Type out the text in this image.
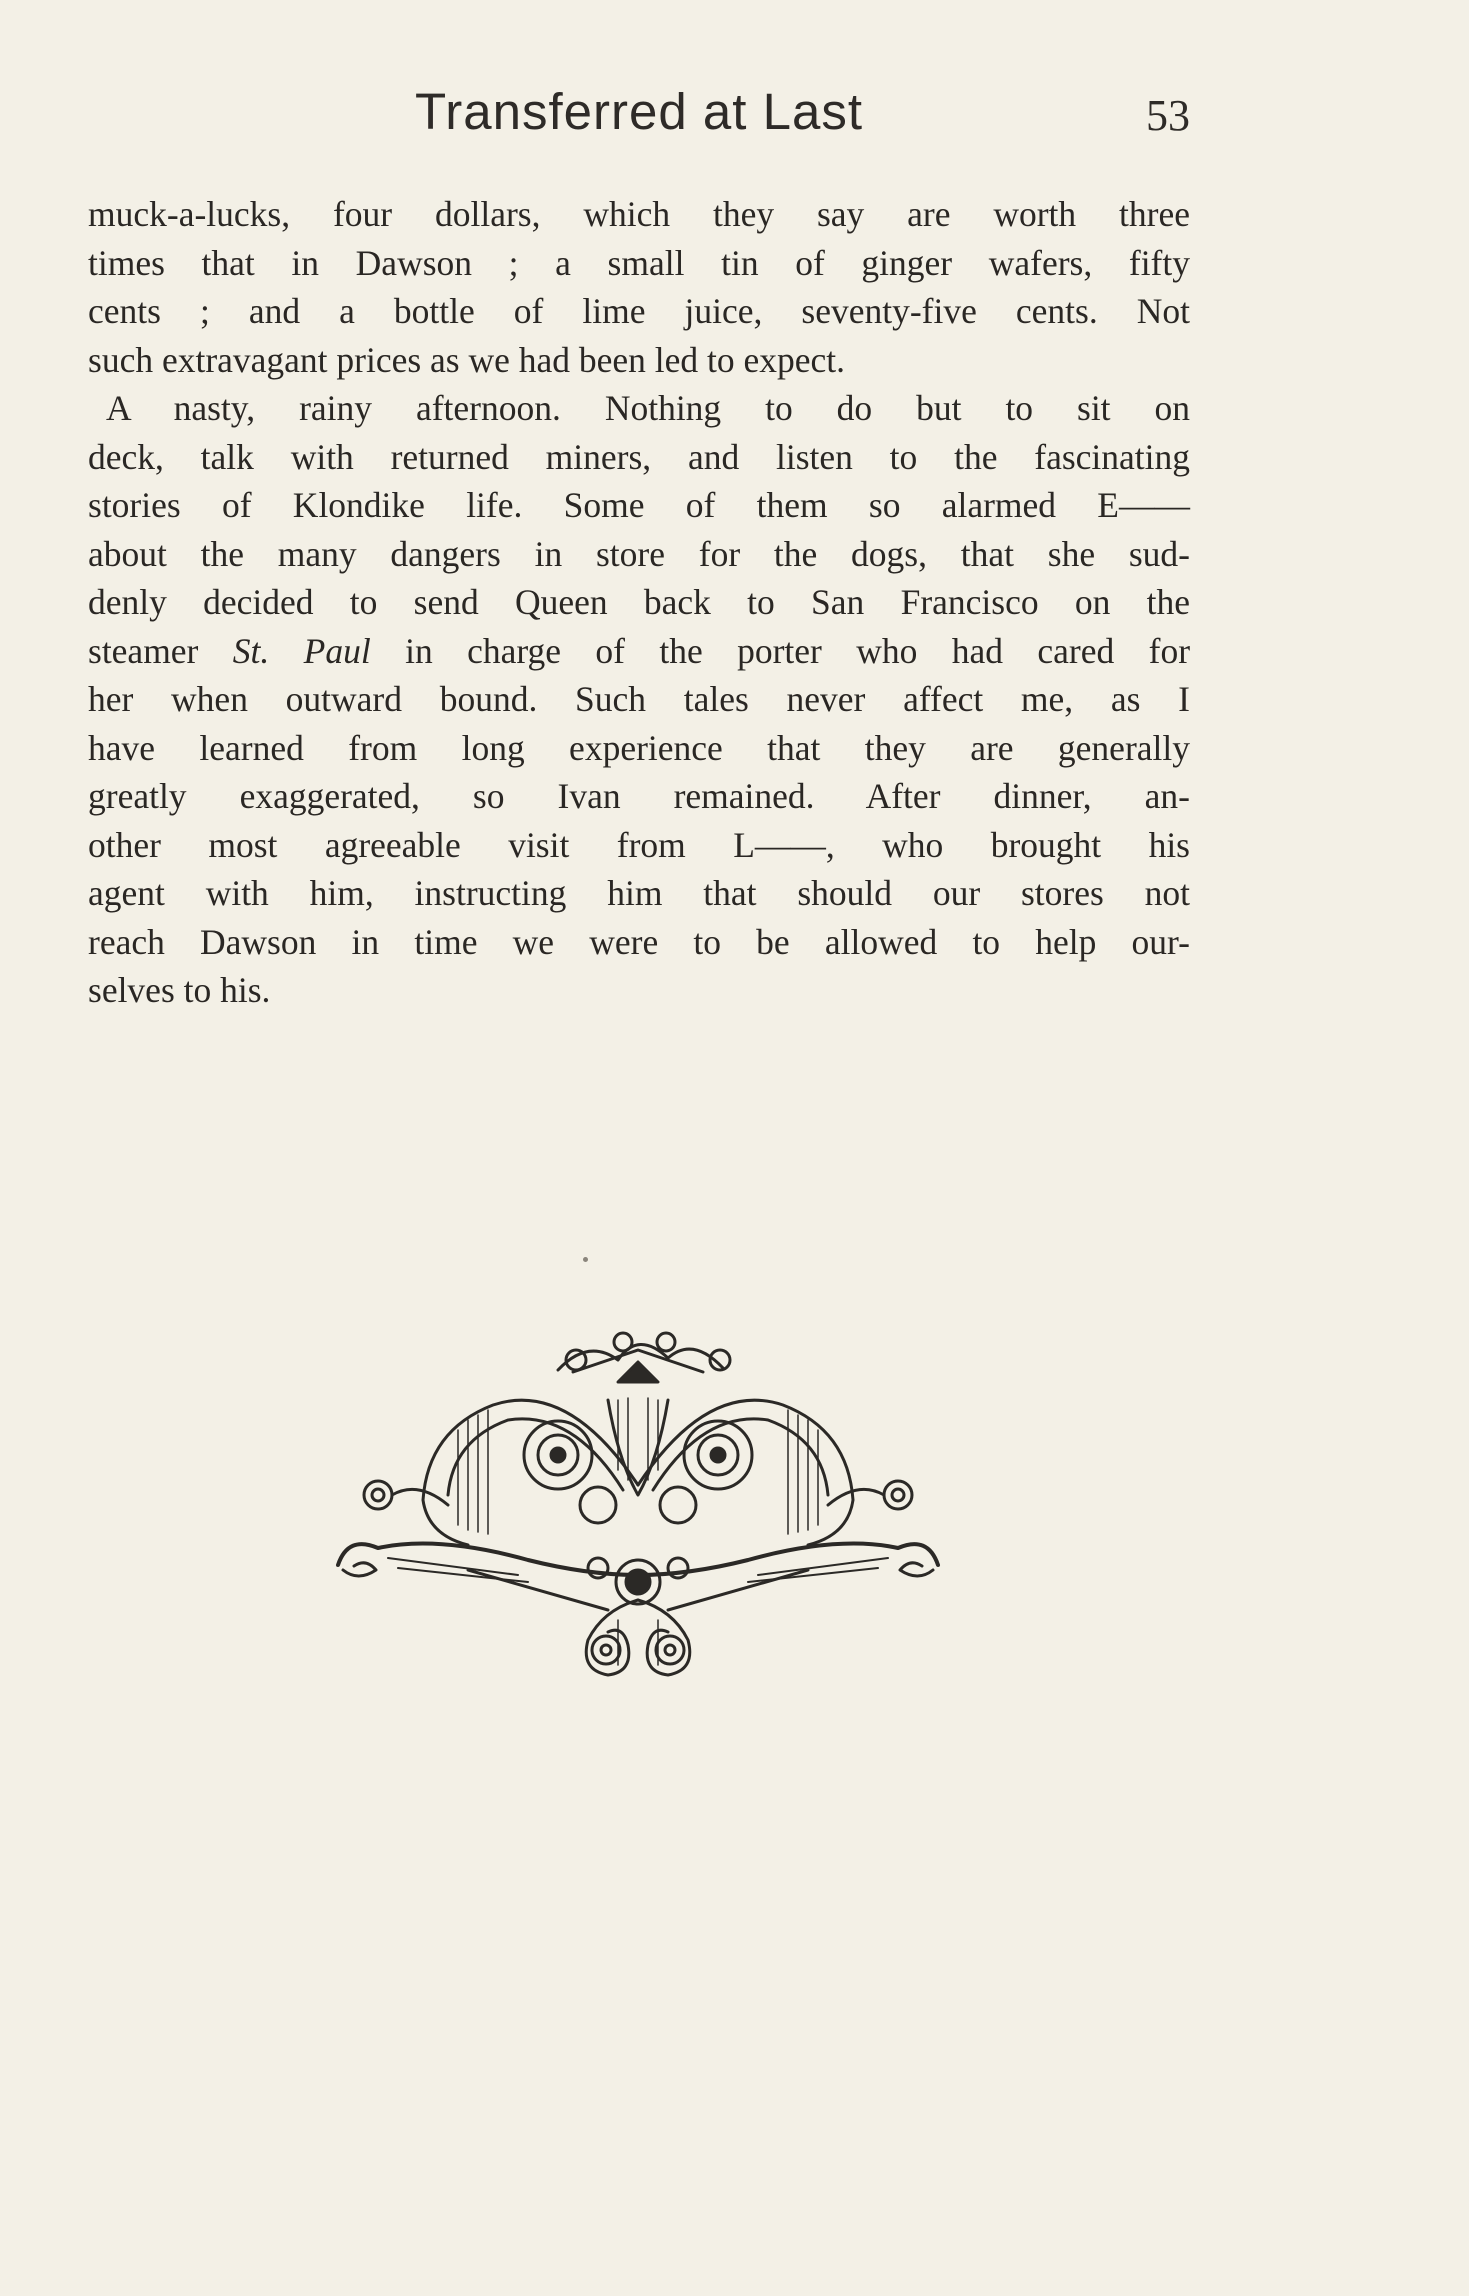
Transferred at Last	53
muck-a-lucks, four dollars, which they say are worth three
times that in Dawson ; a small tin of ginger wafers, fifty
cents ; and a bottle of lime juice, seventy-five cents. Not
such extravagant prices as we had been led to expect.
A nasty, rainy afternoon. Nothing to do but to sit on
deck, talk with returned miners, and listen to the fascinating
stories of Klondike life. Some of them so alarmed E——
about the many dangers in store for the dogs, that she sud-
denly decided to send Queen back to San Francisco on the
steamer St. Paul in charge of the porter who had cared for
her when outward bound. Such tales never affect me, as I
have learned from long experience that they are generally
greatly exaggerated, so Ivan remained. After dinner, an-
other most agreeable visit from L——, who brought his
agent with him, instructing him that should our stores not
reach Dawson in time we were to be allowed to help our-
selves to his.
